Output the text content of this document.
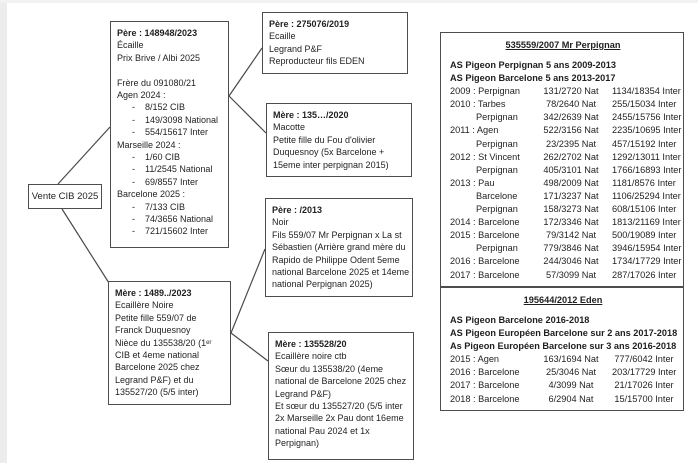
Vente CIB 2025
Père : 148948/2023
Écaille
Prix Brive / Albi 2025
Frère du 091080/21
Agen 2024 :
- 8/152 CIB
- 149/3098 National
- 554/15617 Inter
Marseille 2024 :
- 1/60 CIB
- 11/2545 National
- 69/8557 Inter
Barcelone 2025 :
- 7/133 CIB
- 74/3656 National
- 721/15602 Inter
Mère : 1489../2023
Ecaillère Noire
Petite fille 559/07 de
Franck Duquesnoy
Nièce du 135538/20 (1ᵉʳ
CIB et 4eme national
Barcelone 2025 chez
Legrand P&F) et du
135527/20 (5/5 inter)
Père : 275076/2019
Ecaille
Legrand P&F
Reproducteur fils EDEN
Mère : 135…/2020
Macotte
Petite fille du Fou d'olivier
Duquesnoy (5x Barcelone +
15eme inter perpignan 2015)
Père : /2013
Noir
Fils 559/07 Mr Perpignan x La st
Sébastien (Arrière grand mère du
Rapido de Philippe Odent 5eme
national Barcelone 2025 et 14eme
national Perpignan 2025)
Mère : 135528/20
Ecaillère noire ctb
Sœur du 135538/20 (4eme
national de Barcelone 2025 chez
Legrand P&F)
Et sœur du 135527/20 (5/5 inter
2x Marseille 2x Pau dont 16eme
national Pau 2024 et 1x
Perpignan)
535559/2007 Mr Perpignan
AS Pigeon Perpignan 5 ans 2009-2013
AS Pigeon Barcelone 5 ans 2013-2017
2009 : Perpignan	131/2720 Nat	1134/18354 Inter
2010 : Tarbes	78/2640 Nat	255/15034 Inter
Perpignan	342/2639 Nat	2455/15756 Inter
2011 : Agen	522/3156 Nat	2235/10695 Inter
Perpignan	23/2395 Nat	457/15192 Inter
2012 : St Vincent	262/2702 Nat	1292/13011 Inter
Perpignan	405/3101 Nat	1766/16893 Inter
2013 : Pau	498/2009 Nat	1181/8576 Inter
Barcelone	171/3237 Nat	1106/25294 Inter
Perpignan	158/3273 Nat	608/15106 Inter
2014 : Barcelone	172/3346 Nat	1813/21169 Inter
2015 : Barcelone	79/3142 Nat	500/19089 Inter
Perpignan	779/3846 Nat	3946/15954 Inter
2016 : Barcelone	244/3046 Nat	1734/17729 Inter
2017 : Barcelone	57/3099 Nat	287/17026 Inter
195644/2012 Eden
AS Pigeon Barcelone 2016-2018
AS Pigeon Européen Barcelone sur 2 ans 2017-2018
As Pigeon Européen Barcelone sur 3 ans 2016-2018
2015 : Agen	163/1694 Nat	777/6042 Inter
2016 : Barcelone	25/3046 Nat	203/17729 Inter
2017 : Barcelone	4/3099 Nat	21/17026 Inter
2018 : Barcelone	6/2904 Nat	15/15700 Inter
